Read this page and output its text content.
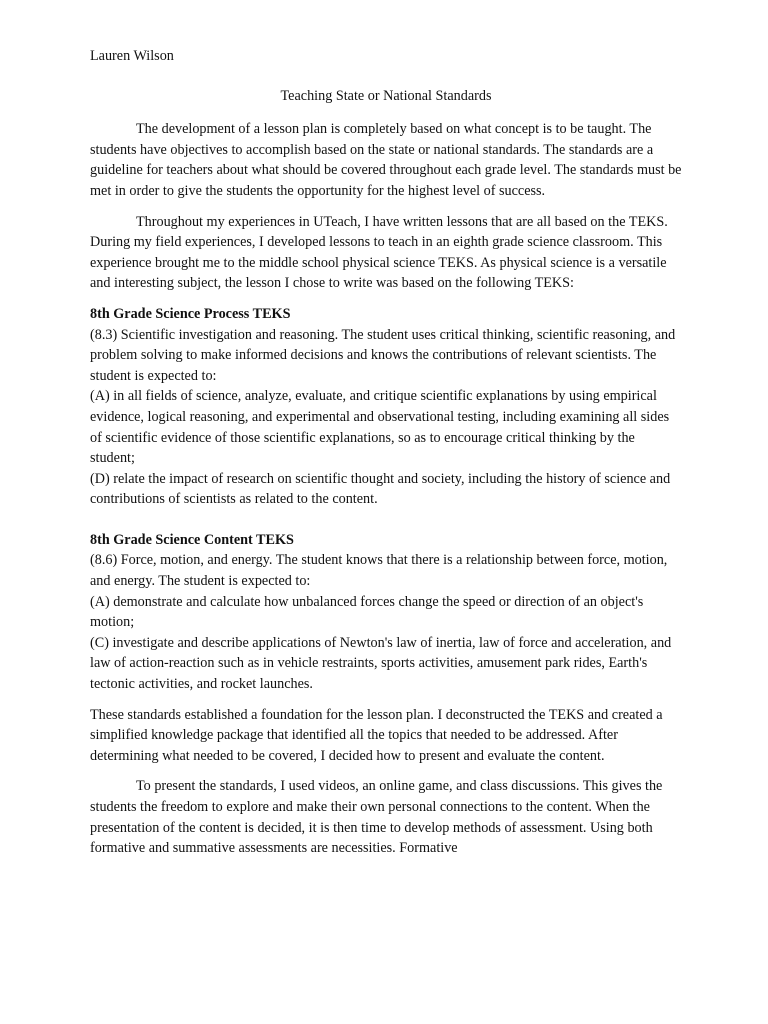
Lauren Wilson

Teaching State or National Standards

The development of a lesson plan is completely based on what concept is to be taught. The students have objectives to accomplish based on the state or national standards. The standards are a guideline for teachers about what should be covered throughout each grade level. The standards must be met in order to give the students the opportunity for the highest level of success.

Throughout my experiences in UTeach, I have written lessons that are all based on the TEKS. During my field experiences, I developed lessons to teach in an eighth grade science classroom. This experience brought me to the middle school physical science TEKS. As physical science is a versatile and interesting subject, the lesson I chose to write was based on the following TEKS:

8th Grade Science Process TEKS

(8.3) Scientific investigation and reasoning. The student uses critical thinking, scientific reasoning, and problem solving to make informed decisions and knows the contributions of relevant scientists. The student is expected to:

(A) in all fields of science, analyze, evaluate, and critique scientific explanations by using empirical evidence, logical reasoning, and experimental and observational testing, including examining all sides of scientific evidence of those scientific explanations, so as to encourage critical thinking by the student;

(D) relate the impact of research on scientific thought and society, including the history of science and contributions of scientists as related to the content.

8th Grade Science Content TEKS

(8.6) Force, motion, and energy. The student knows that there is a relationship between force, motion, and energy. The student is expected to:

(A) demonstrate and calculate how unbalanced forces change the speed or direction of an object's motion;

(C) investigate and describe applications of Newton's law of inertia, law of force and acceleration, and law of action-reaction such as in vehicle restraints, sports activities, amusement park rides, Earth's tectonic activities, and rocket launches.

These standards established a foundation for the lesson plan. I deconstructed the TEKS and created a simplified knowledge package that identified all the topics that needed to be addressed. After determining what needed to be covered, I decided how to present and evaluate the content.

To present the standards, I used videos, an online game, and class discussions. This gives the students the freedom to explore and make their own personal connections to the content. When the presentation of the content is decided, it is then time to develop methods of assessment. Using both formative and summative assessments are necessities. Formative
